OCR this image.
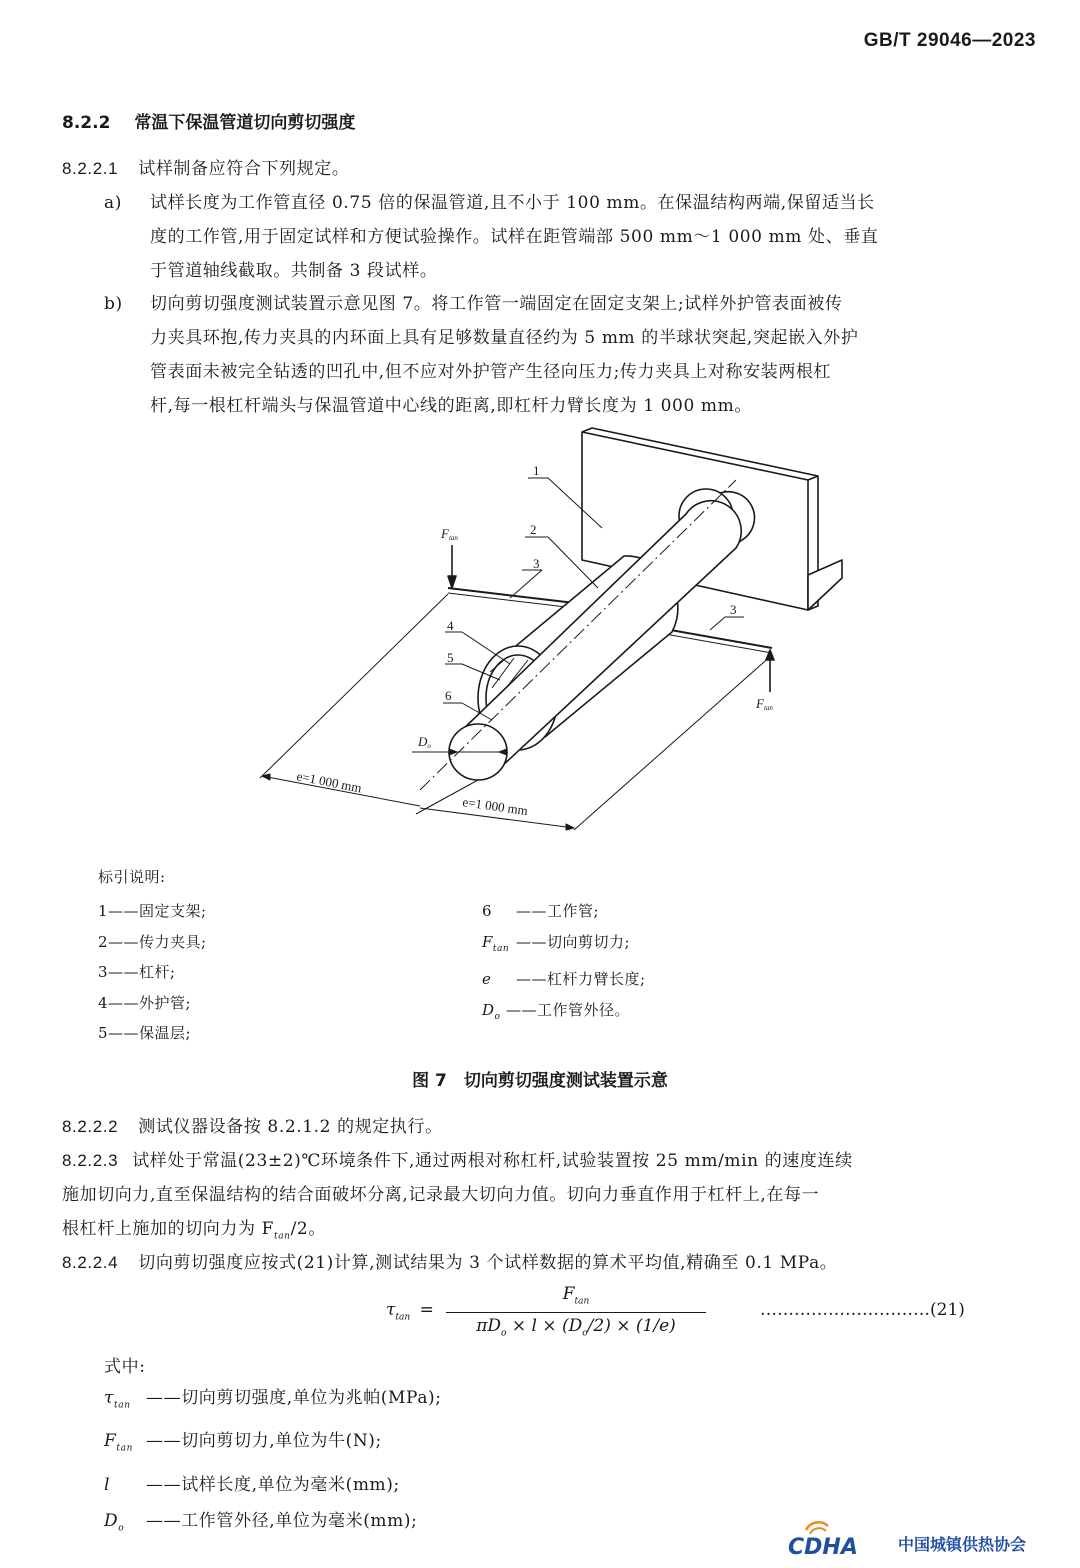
GB/T 29046—2023
8.2.2 常温下保温管道切向剪切强度
8.2.2.1 试样制备应符合下列规定。
a) 试样长度为工作管直径 0.75 倍的保温管道,且不小于 100 mm。在保温结构两端,保留适当长
度的工作管,用于固定试样和方便试验操作。试样在距管端部 500 mm～1 000 mm 处、垂直
于管道轴线截取。共制备 3 段试样。
b) 切向剪切强度测试装置示意见图 7。将工作管一端固定在固定支架上;试样外护管表面被传
力夹具环抱,传力夹具的内环面上具有足够数量直径约为 5 mm 的半球状突起,突起嵌入外护
管表面未被完全钻透的凹孔中,但不应对外护管产生径向压力;传力夹具上对称安装两根杠
杆,每一根杠杆端头与保温管道中心线的距离,即杠杆力臂长度为 1 000 mm。
1
2
3
3
4
5
6
Ftan
Ftan
Do
e=1 000 mm
e=1 000 mm
标引说明:
1——固定支架;
2——传力夹具;
3——杠杆;
4——外护管;
5——保温层;
6 ——工作管;
$F_{tan}$ ——切向剪切力;
e ——杠杆力臂长度;
$D_o$ ——工作管外径。
图 7　切向剪切强度测试装置示意
8.2.2.2 测试仪器设备按 8.2.1.2 的规定执行。
8.2.2.3 试样处于常温(23±2)℃环境条件下,通过两根对称杠杆,试验装置按 25 mm/min 的速度连续
施加切向力,直至保温结构的结合面破坏分离,记录最大切向力值。切向力垂直作用于杠杆上,在每一
根杠杆上施加的切向力为 $F_{tan}/2$。
8.2.2.4 切向剪切强度应按式(21)计算,测试结果为 3 个试样数据的算术平均值,精确至 0.1 MPa。
$\tau_{tan}$ =
$F_{tan}$
$\pi D_o \times l \times (D_o/2) \times (1/e)$
…………………………(21)
式中:
$\tau_{tan}$ ——切向剪切强度,单位为兆帕(MPa);
$F_{tan}$ ——切向剪切力,单位为牛(N);
l ——试样长度,单位为毫米(mm);
$D_o$ ——工作管外径,单位为毫米(mm);
CDHA	中国城镇供热协会
